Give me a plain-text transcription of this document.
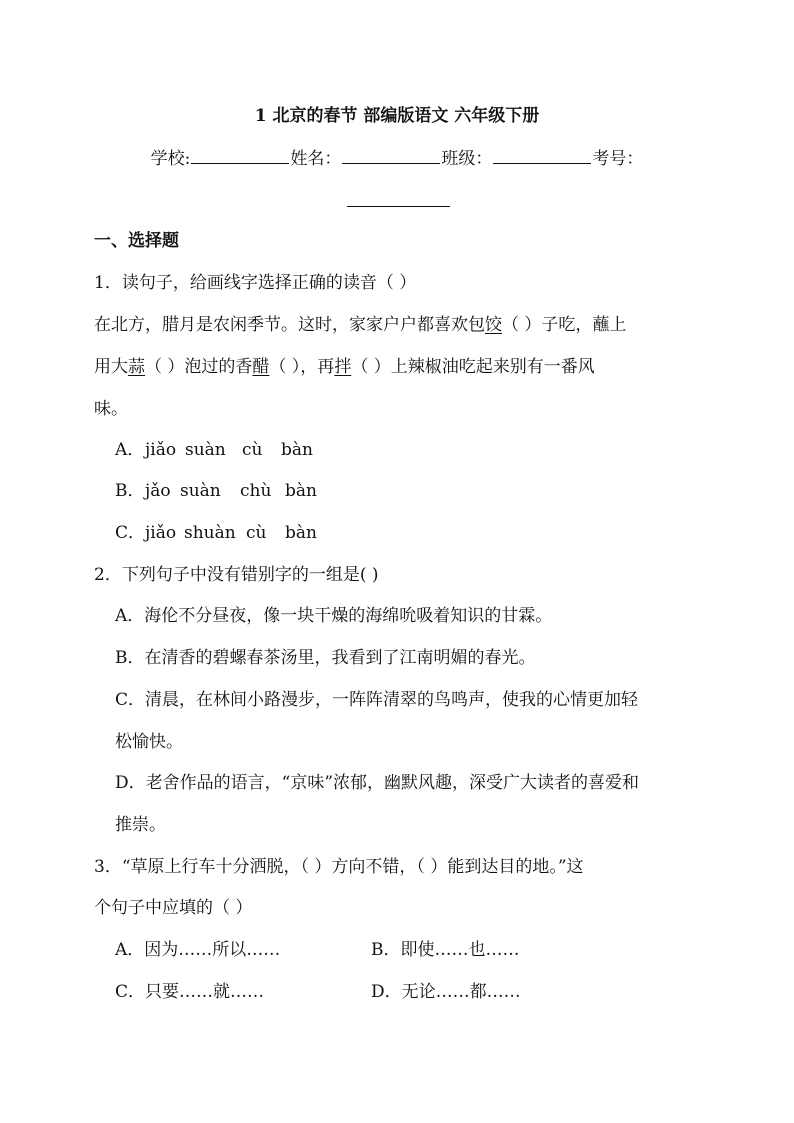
1 北京的春节 部编版语文 六年级下册
学校:	姓名：	班级：	考号：
一、选择题
1．读句子，给画线字选择正确的读音（ ）
在北方，腊月是农闲季节。这时，家家户户都喜欢包饺（ ）子吃，蘸上
用大蒜（ ）泡过的香醋（ ），再拌（ ）上辣椒油吃起来别有一番风
味。
A． jiǎo suàn cù bàn
B． jǎo suàn chù bàn
C． jiǎo shuàn cù bàn
2．下列句子中没有错别字的一组是( )
A．海伦不分昼夜，像一块干燥的海绵吮吸着知识的甘霖。
B．在清香的碧螺春茶汤里，我看到了江南明媚的春光。
C．清晨，在林间小路漫步，一阵阵清翠的鸟鸣声，使我的心情更加轻
松愉快。
D．老舍作品的语言，“京味”浓郁，幽默风趣，深受广大读者的喜爱和
推崇。
3．“草原上行车十分洒脱，（ ）方向不错，（ ）能到达目的地。”这
个句子中应填的（ ）
A．因为……所以……	B．即使……也……
C．只要……就……	D．无论……都……
